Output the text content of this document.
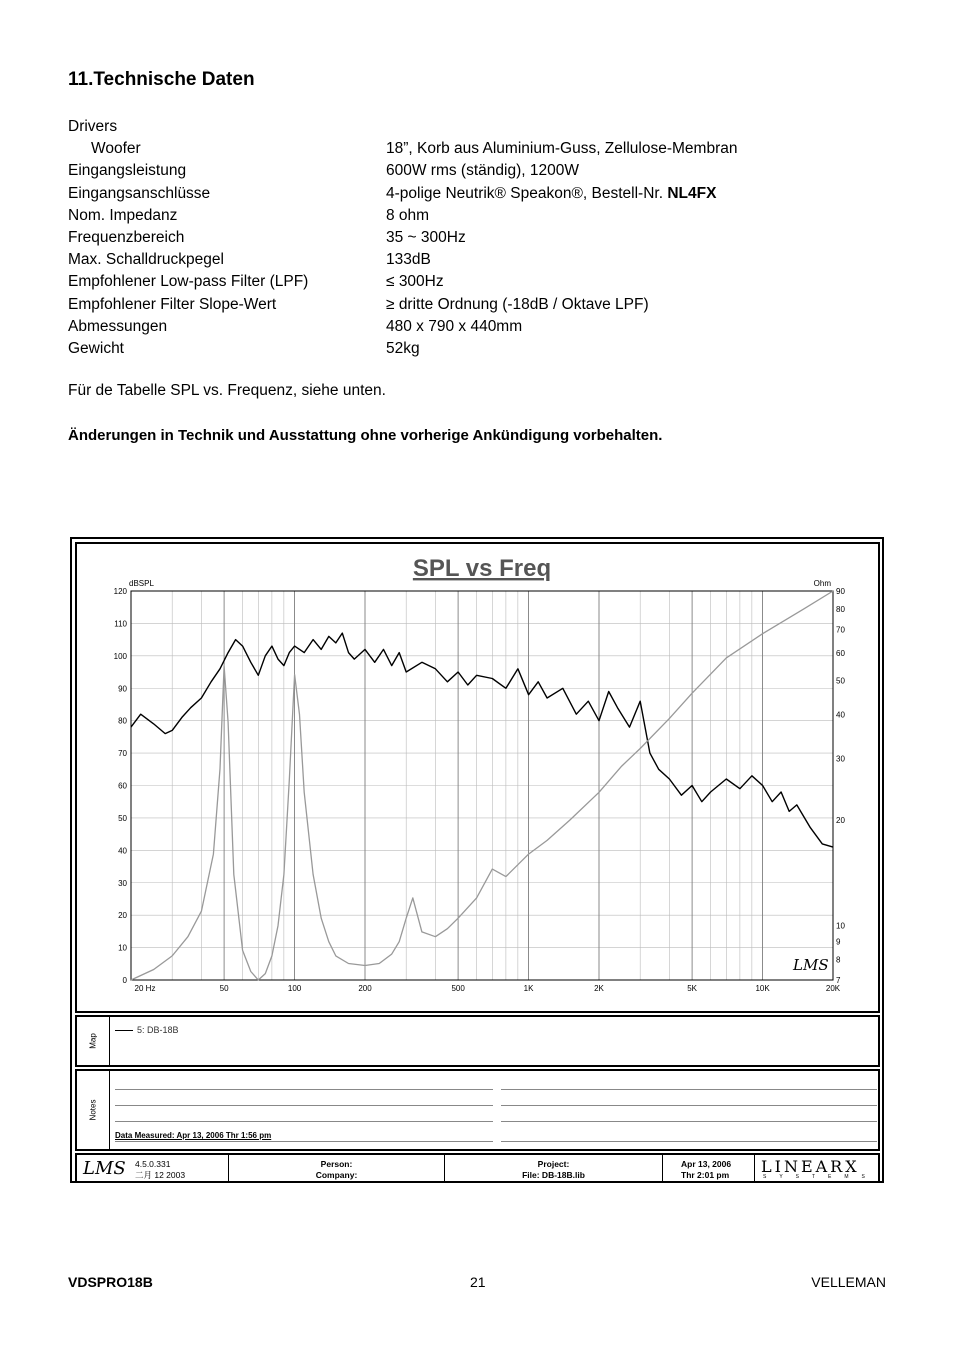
11.Technische Daten
Drivers
Woofer	18”, Korb aus Aluminium-Guss, Zellulose-Membran
Eingangsleistung	600W rms (ständig), 1200W
Eingangsanschlüsse	4-polige Neutrik® Speakon®, Bestell-Nr. NL4FX
Nom. Impedanz	8 ohm
Frequenzbereich	35 ~ 300Hz
Max. Schalldruckpegel	133dB
Empfohlener Low-pass Filter (LPF)	≤ 300Hz
Empfohlener Filter Slope-Wert	≥ dritte Ordnung (-18dB / Oktave LPF)
Abmessungen	480 x 790 x 440mm
Gewicht	52kg
Für de Tabelle SPL vs. Frequenz, siehe unten.
Änderungen in Technik und Ausstattung ohne vorherige Ankündigung vorbehalten.
SPL vs Freq
dBSPL	Ohm
0
10
20
30
40
50
60
70
80
90
100
110
120
7
8
9
10
20
30
40
50
60
70
80
90
20 Hz	50	100	200	500	1K	2K	5K	10K	20K
LMS
Map
5: DB-18B
Notes
Data Measured: Apr 13, 2006 Thr 1:56 pm
LMS 4.5.0.331
二月 12 2003
Person:
Company:
Project:
File: DB-18B.lib
Apr 13, 2006
Thr 2:01 pm LINEARX
SYSTEMS
VDSPRO18B	21	VELLEMAN
